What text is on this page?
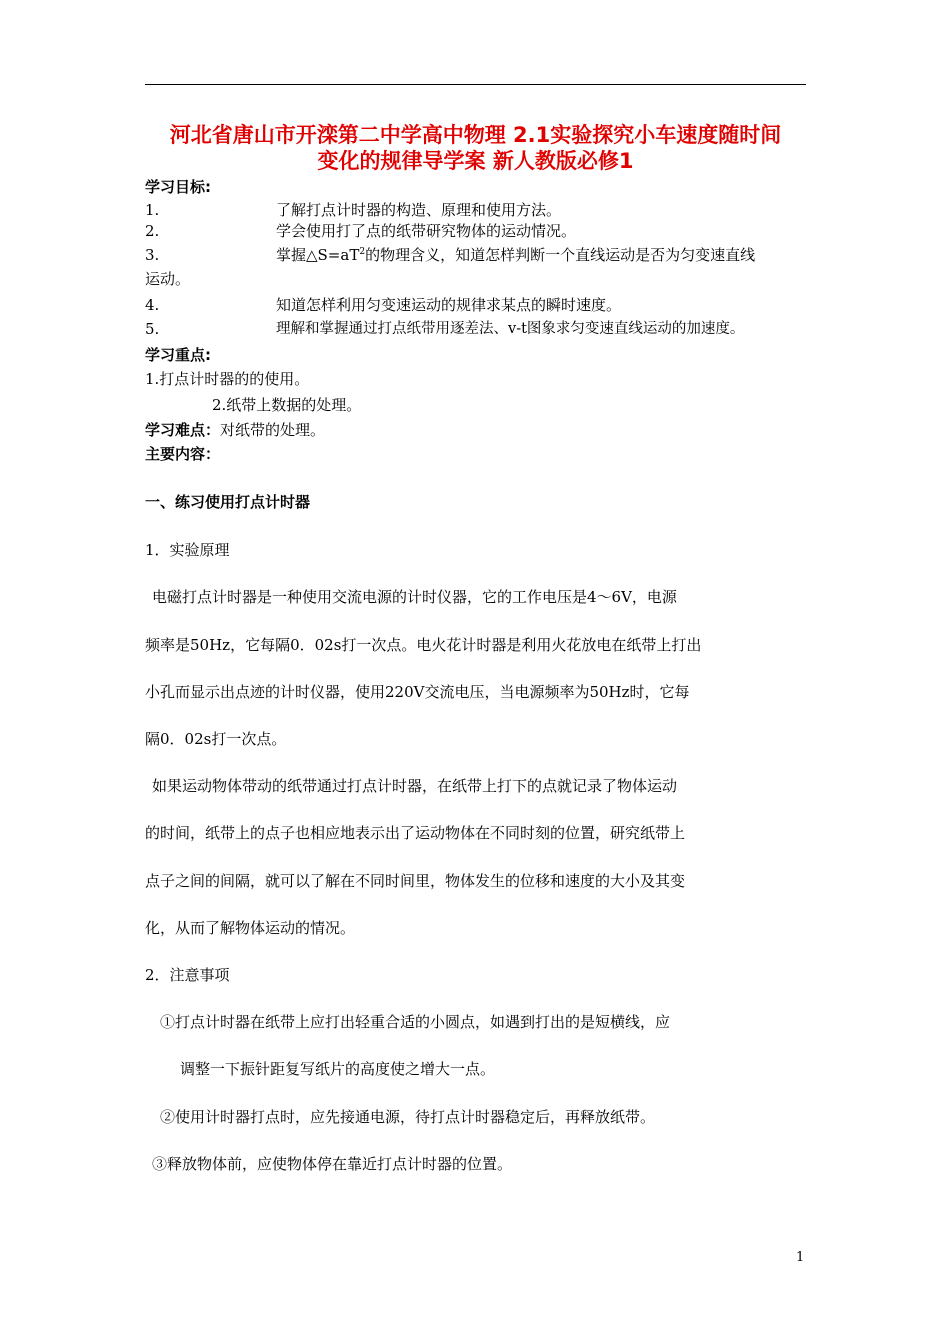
河北省唐山市开滦第二中学高中物理 2.1实验探究小车速度随时间
变化的规律导学案 新人教版必修1
学习目标:
1.	了解打点计时器的构造、原理和使用方法。
2.	学会使用打了点的纸带研究物体的运动情况。
3.	掌握$\triangle S=aT^2$的物理含义，知道怎样判断一个直线运动是否为匀变速直线
运动。
4.	知道怎样利用匀变速运动的规律求某点的瞬时速度。
5.	理解和掌握通过打点纸带用逐差法、v-t图象求匀变速直线运动的加速度。
学习重点:
1.打点计时器的的使用。
2.纸带上数据的处理。
学习难点：对纸带的处理。
主要内容：
一、练习使用打点计时器
1．实验原理
电磁打点计时器是一种使用交流电源的计时仪器，它的工作电压是4～6V，电源
频率是50Hz，它每隔0．02s打一次点。电火花计时器是利用火花放电在纸带上打出
小孔而显示出点迹的计时仪器，使用220V交流电压，当电源频率为50Hz时，它每
隔0．02s打一次点。
如果运动物体带动的纸带通过打点计时器，在纸带上打下的点就记录了物体运动
的时间，纸带上的点子也相应地表示出了运动物体在不同时刻的位置，研究纸带上
点子之间的间隔，就可以了解在不同时间里，物体发生的位移和速度的大小及其变
化，从而了解物体运动的情况。
2．注意事项
①打点计时器在纸带上应打出轻重合适的小圆点，如遇到打出的是短横线，应
调整一下振针距复写纸片的高度使之增大一点。
②使用计时器打点时，应先接通电源，待打点计时器稳定后，再释放纸带。
③释放物体前，应使物体停在靠近打点计时器的位置。
1
